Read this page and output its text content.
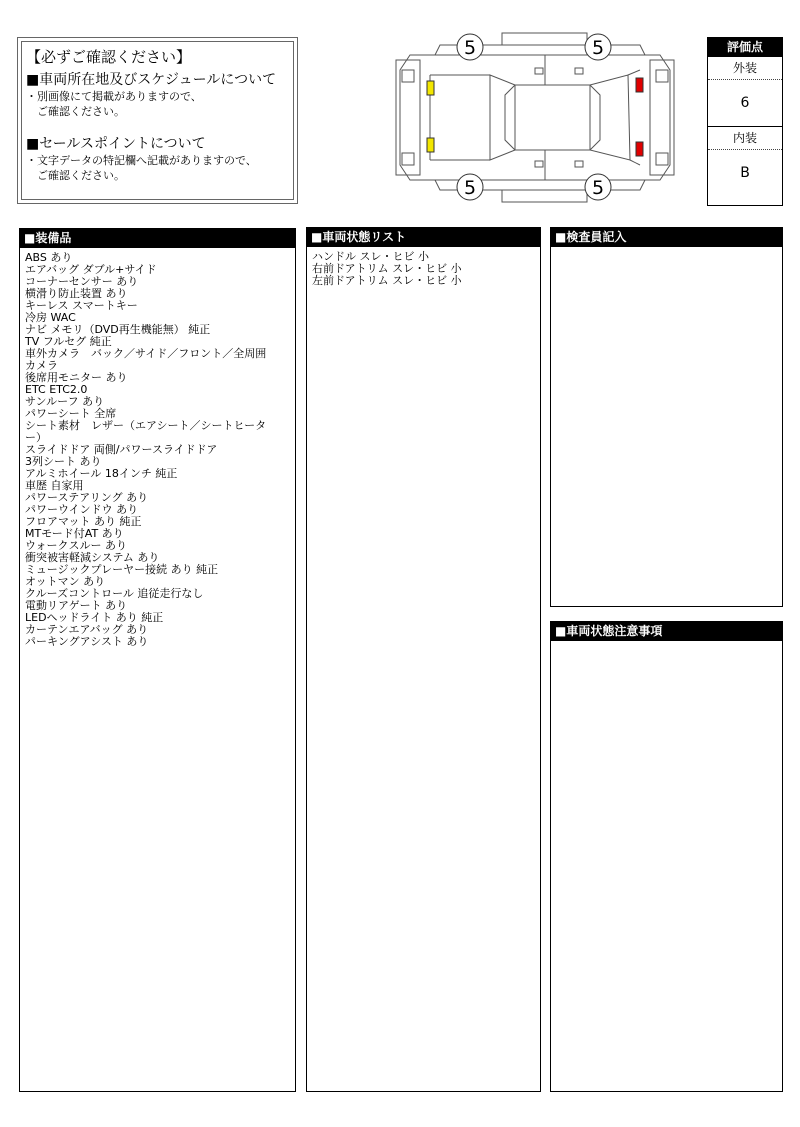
【必ずご確認ください】
■車両所在地及びスケジュールについて
・別画像にて掲載がありますので、
　ご確認ください。
■セールスポイントについて
・文字データの特記欄へ記載がありますので、
　ご確認ください。
5	5
5	5
評価点
外装
6
内装
B
■装備品
ABS あり
エアバッグ ダブル+サイド
コーナーセンサー あり
横滑り防止装置 あり
キーレス スマートキー
冷房 WAC
ナビ メモリ（DVD再生機能無） 純正
TV フルセグ 純正
車外カメラ　バック／サイド／フロント／全周囲
カメラ
後席用モニター あり
ETC ETC2.0
サンルーフ あり
パワーシート 全席
シート素材　レザー（エアシート／シートヒータ
ー）
スライドドア 両側/パワースライドドア
3列シート あり
アルミホイール 18インチ 純正
車歴 自家用
パワーステアリング あり
パワーウインドウ あり
フロアマット あり 純正
MTモード付AT あり
ウォークスルー あり
衝突被害軽減システム あり
ミュージックプレーヤー接続 あり 純正
オットマン あり
クルーズコントロール 追従走行なし
電動リアゲート あり
LEDヘッドライト あり 純正
カーテンエアバッグ あり
パーキングアシスト あり
■車両状態リスト
ハンドル スレ・ヒビ 小
右前ドアトリム スレ・ヒビ 小
左前ドアトリム スレ・ヒビ 小
■検査員記入
■車両状態注意事項
